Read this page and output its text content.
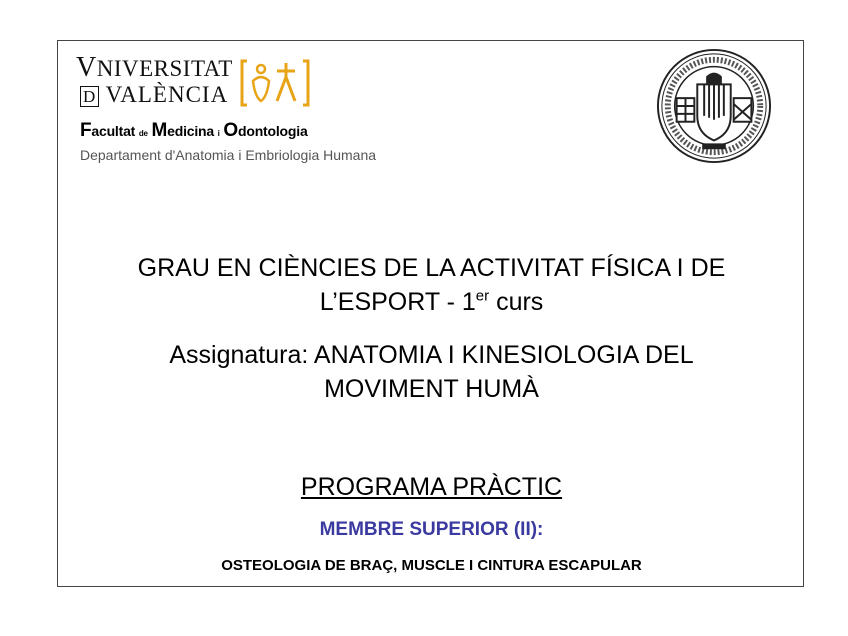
VNIVERSITAT
D VALÈNCIA
Facultat de Medicina i Odontologia
Departament d'Anatomia i Embriologia Humana
GRAU EN CIÈNCIES DE LA ACTIVITAT FÍSICA I DE
L’ESPORT - 1er curs
Assignatura: ANATOMIA I KINESIOLOGIA DEL
MOVIMENT HUMÀ
PROGRAMA PRÀCTIC
MEMBRE SUPERIOR (II):
OSTEOLOGIA DE BRAÇ, MUSCLE I CINTURA ESCAPULAR
